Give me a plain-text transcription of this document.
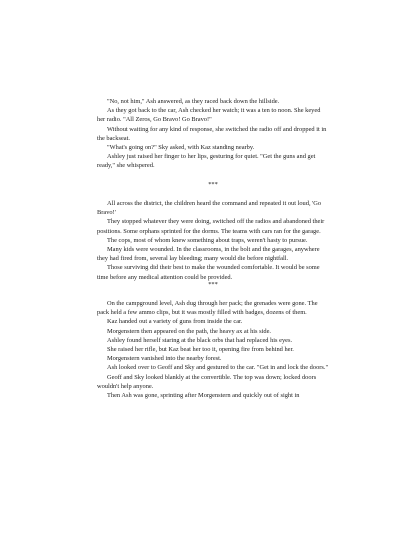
"No, not him," Ash answered, as they raced back down the hillside.

As they got back to the car, Ash checked her watch; it was a ten to noon. She keyed her radio. "All Zeros, Go Bravo! Go Bravo!"

Without waiting for any kind of response, she switched the radio off and dropped it in the backseat.

"What's going on?" Sky asked, with Kaz standing nearby.

Ashley just raised her finger to her lips, gesturing for quiet. "Get the guns and get ready," she whispered.

***

All across the district, the children heard the command and repeated it out loud, 'Go Bravo!'

They stopped whatever they were doing, switched off the radios and abandoned their positions. Some orphans sprinted for the dorms. The teams with cars ran for the garage.

The cops, most of whom knew something about traps, weren't hasty to pursue.

Many kids were wounded. In the classrooms, in the bolt and the garages, anywhere they had fired from, several lay bleeding; many would die before nightfall.

Those surviving did their best to make the wounded comfortable. It would be some time before any medical attention could be provided.

***

On the campground level, Ash dug through her pack; the grenades were gone. The pack held a few ammo clips, but it was mostly filled with badges, dozens of them.

Kaz handed out a variety of guns from inside the car.

Morgenstern then appeared on the path, the heavy ax at his side.

Ashley found herself staring at the black orbs that had replaced his eyes.

She raised her rifle, but Kaz beat her too it, opening fire from behind her.

Morgenstern vanished into the nearby forest.

Ash looked over to Geoff and Sky and gestured to the car. "Get in and lock the doors."

Geoff and Sky looked blankly at the convertible. The top was down; locked doors wouldn't help anyone.

Then Ash was gone, sprinting after Morgenstern and quickly out of sight in
